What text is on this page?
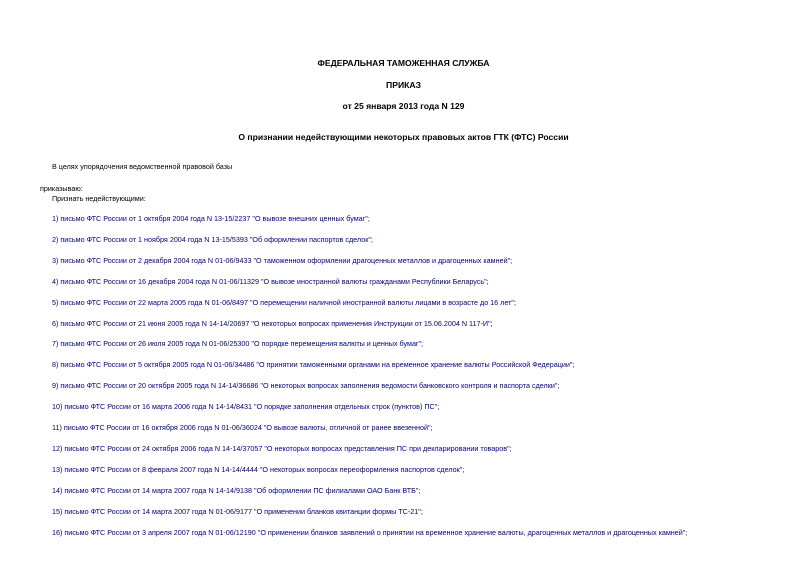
ФЕДЕРАЛЬНАЯ ТАМОЖЕННАЯ СЛУЖБА
ПРИКАЗ
от 25 января 2013 года N 129
О признании недействующими некоторых правовых актов ГТК (ФТС) России
В целях упорядочения ведомственной правовой базы
приказываю:
Признать недействующими:
1) письмо ФТС России от 1 октября 2004 года N 13-15/2237 "О вывозе внешних ценных бумаг";
2) письмо ФТС России от 1 ноября 2004 года N 13-15/5393 "Об оформлении паспортов сделок";
3) письмо ФТС России от 2 декабря 2004 года N 01-06/9433 "О таможенном оформлении драгоценных металлов и драгоценных камней";
4) письмо ФТС России от 16 декабря 2004 года N 01-06/11329 "О вывозе иностранной валюты гражданами Республики Беларусь";
5) письмо ФТС России от 22 марта 2005 года N 01-06/8497 "О перемещении наличной иностранной валюты лицами в возрасте до 16 лет";
6) письмо ФТС России от 21 июня 2005 года N 14-14/20697 "О некоторых вопросах применения Инструкции от 15.06.2004 N 117-И";
7) письмо ФТС России от 26 июля 2005 года N 01-06/25300 "О порядке перемещения валюты и ценных бумаг";
8) письмо ФТС России от 5 октября 2005 года N 01-06/34486 "О принятии таможенными органами на временное хранение валюты Российской Федерации";
9) письмо ФТС России от 20 октября 2005 года N 14-14/36686 "О некоторых вопросах заполнения ведомости банковского контроля и паспорта сделки";
10) письмо ФТС России от 16 марта 2006 года N 14-14/8431 "О порядке заполнения отдельных строк (пунктов) ПС";
11) письмо ФТС России от 16 октября 2006 года N 01-06/36024 "О вывозе валюты, отличной от ранее ввезенной";
12) письмо ФТС России от 24 октября 2006 года N 14-14/37057 "О некоторых вопросах представления ПС при декларировании товаров";
13) письмо ФТС России от 8 февраля 2007 года N 14-14/4444 "О некоторых вопросах переоформления паспортов сделок";
14) письмо ФТС России от 14 марта 2007 года N 14-14/9138 "Об оформлении ПС филиалами ОАО Банк ВТБ";
15) письмо ФТС России от 14 марта 2007 года N 01-06/9177 "О применении бланков квитанции формы ТС-21";
16) письмо ФТС России от 3 апреля 2007 года N 01-06/12190 "О применении бланков заявлений о принятии на временное хранение валюты, драгоценных металлов и драгоценных камней";
